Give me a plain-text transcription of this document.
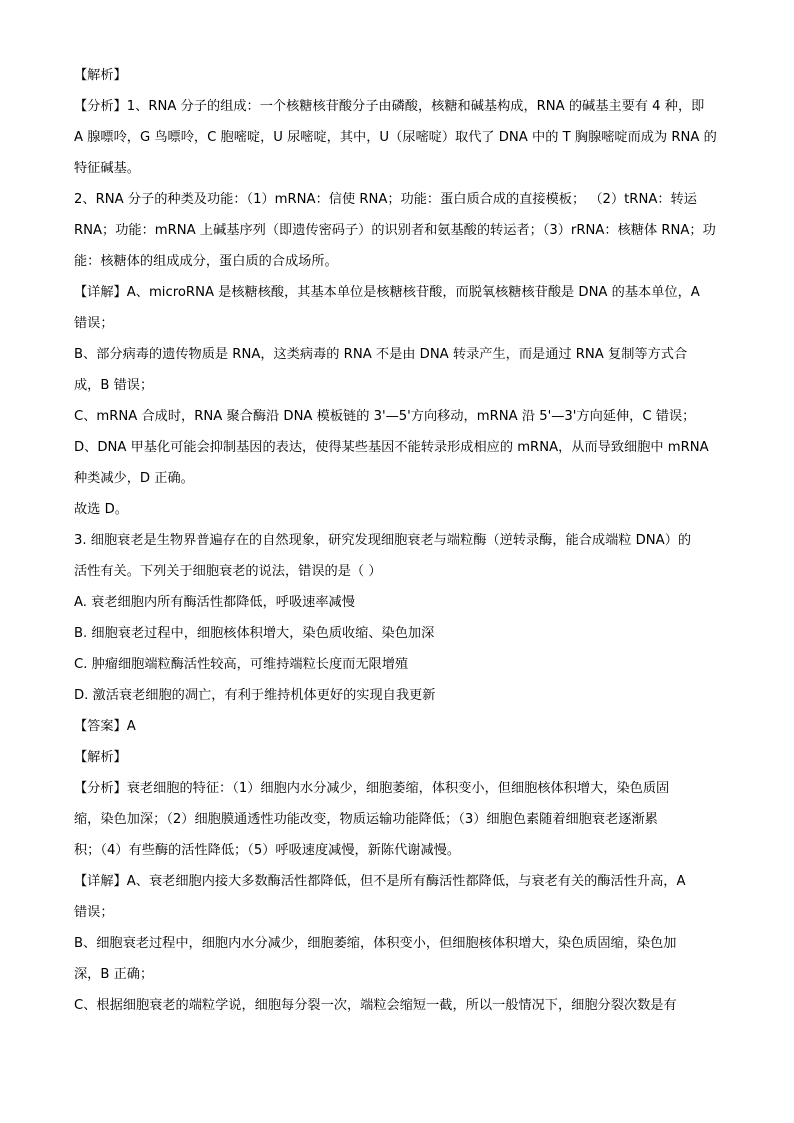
【解析】
【分析】1、RNA 分子的组成：一个核糖核苷酸分子由磷酸，核糖和碱基构成，RNA 的碱基主要有 4 种，即
A 腺嘌呤，G 鸟嘌呤，C 胞嘧啶，U 尿嘧啶，其中，U（尿嘧啶）取代了 DNA 中的 T 胸腺嘧啶而成为 RNA 的
特征碱基。
2、RNA 分子的种类及功能：（1）mRNA：信使 RNA；功能：蛋白质合成的直接模板； （2）tRNA：转运
RNA；功能：mRNA 上碱基序列（即遗传密码子）的识别者和氨基酸的转运者；（3）rRNA：核糖体 RNA；功
能：核糖体的组成成分，蛋白质的合成场所。
【详解】A、microRNA 是核糖核酸，其基本单位是核糖核苷酸，而脱氧核糖核苷酸是 DNA 的基本单位，A
错误；
B、部分病毒的遗传物质是 RNA，这类病毒的 RNA 不是由 DNA 转录产生，而是通过 RNA 复制等方式合
成，B 错误；
C、mRNA 合成时，RNA 聚合酶沿 DNA 模板链的 3'—5'方向移动，mRNA 沿 5'—3'方向延伸，C 错误；
D、DNA 甲基化可能会抑制基因的表达，使得某些基因不能转录形成相应的 mRNA，从而导致细胞中 mRNA
种类减少，D 正确。
故选 D。
3. 细胞衰老是生物界普遍存在的自然现象，研究发现细胞衰老与端粒酶（逆转录酶，能合成端粒 DNA）的
活性有关。下列关于细胞衰老的说法，错误的是（ ）
A. 衰老细胞内所有酶活性都降低，呼吸速率减慢
B. 细胞衰老过程中，细胞核体积增大，染色质收缩、染色加深
C. 肿瘤细胞端粒酶活性较高，可维持端粒长度而无限增殖
D. 激活衰老细胞的凋亡，有利于维持机体更好的实现自我更新
【答案】A
【解析】
【分析】衰老细胞的特征：（1）细胞内水分减少，细胞萎缩，体积变小，但细胞核体积增大，染色质固
缩，染色加深；（2）细胞膜通透性功能改变，物质运输功能降低；（3）细胞色素随着细胞衰老逐渐累
积；（4）有些酶的活性降低；（5）呼吸速度减慢，新陈代谢减慢。
【详解】A、衰老细胞内接大多数酶活性都降低，但不是所有酶活性都降低，与衰老有关的酶活性升高，A
错误；
B、细胞衰老过程中，细胞内水分减少，细胞萎缩，体积变小，但细胞核体积增大，染色质固缩，染色加
深，B 正确；
C、根据细胞衰老的端粒学说，细胞每分裂一次，端粒会缩短一截，所以一般情况下，细胞分裂次数是有
